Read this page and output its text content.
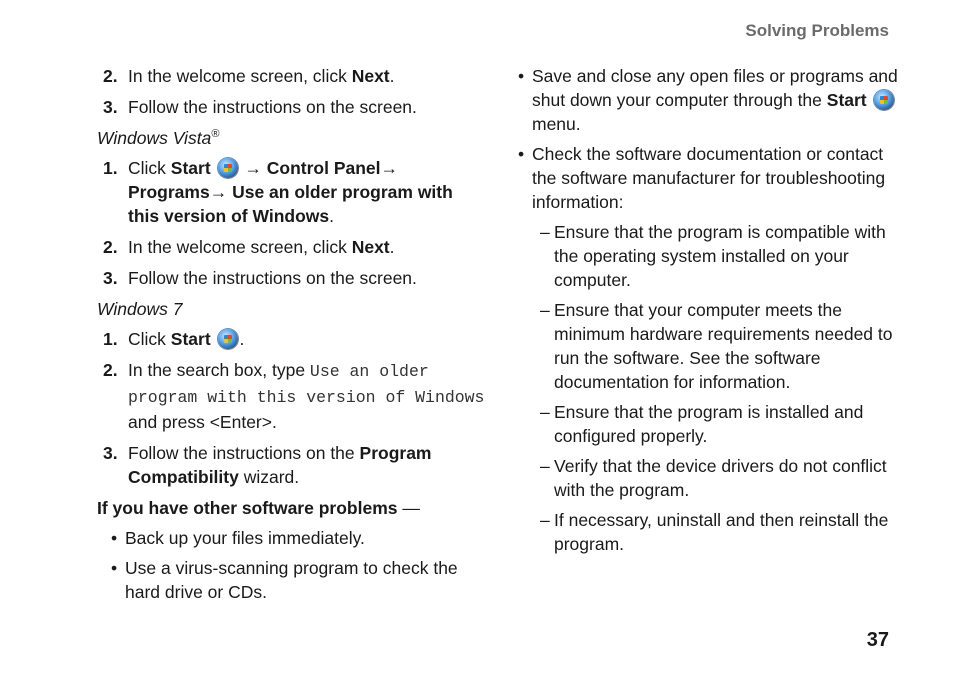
Solving Problems
2. In the welcome screen, click Next.
3. Follow the instructions on the screen.
Windows Vista®
1. Click Start  → Control Panel→ Programs→ Use an older program with this version of Windows.
2. In the welcome screen, click Next.
3. Follow the instructions on the screen.
Windows 7
1. Click Start .
2. In the search box, type Use an older program with this version of Windows and press <Enter>.
3. Follow the instructions on the Program Compatibility wizard.
If you have other software problems —
• Back up your files immediately.
• Use a virus-scanning program to check the hard drive or CDs.
• Save and close any open files or programs and shut down your computer through the Start  menu.
• Check the software documentation or contact the software manufacturer for troubleshooting information:
– Ensure that the program is compatible with the operating system installed on your computer.
– Ensure that your computer meets the minimum hardware requirements needed to run the software. See the software documentation for information.
– Ensure that the program is installed and configured properly.
– Verify that the device drivers do not conflict with the program.
– If necessary, uninstall and then reinstall the program.
37
